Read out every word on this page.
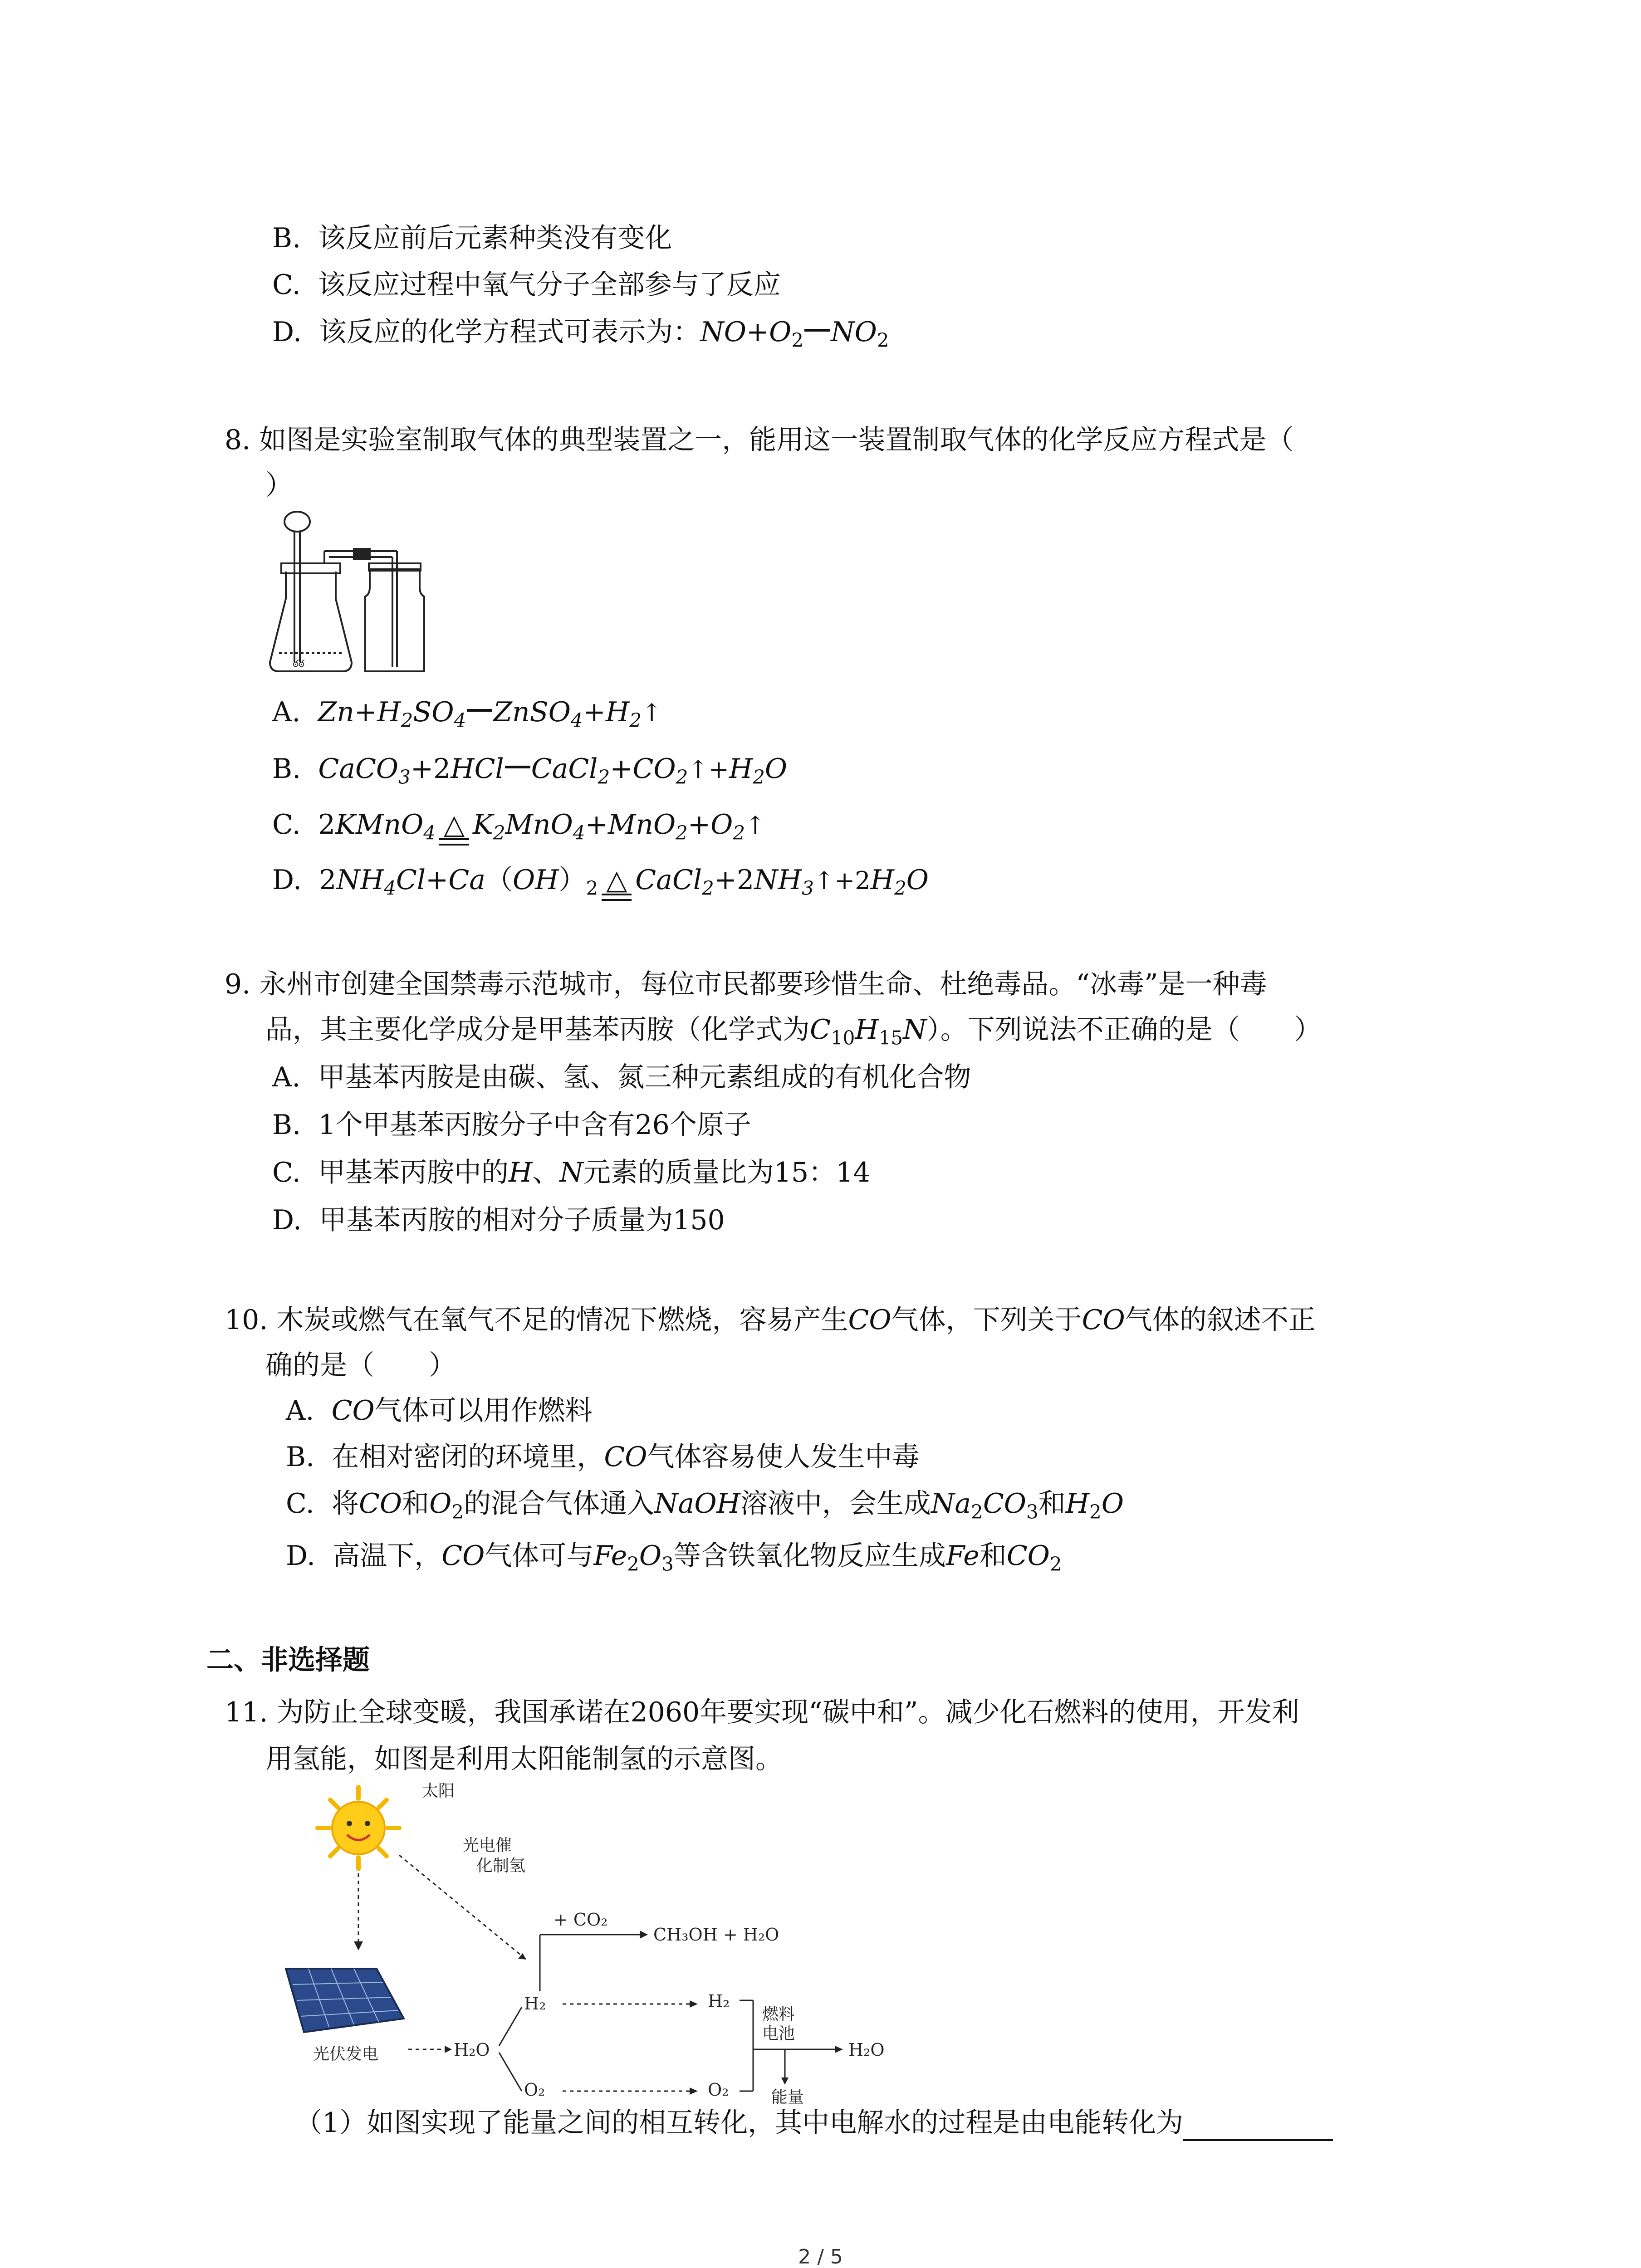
B. 该反应前后元素种类没有变化
C. 该反应过程中氧气分子全部参与了反应
D. 该反应的化学方程式可表示为：$NO+O_2$ $NO_2$
8. 如图是实验室制取气体的典型装置之一，能用这一装置制取气体的化学反应方程式是（
）
ఠఠ
A. $Zn+H_2SO_4$ $ZnSO_4+H_2↑$
B. CaCO$_3$+2HCl $CaCl_2+CO_2↑+H_2O$
C. 2KMnO$_4$ △ $K_2MnO_4+MnO_2+O_2↑$
D. $2NH_4Cl+Ca(OH)_2$ △ $CaCl_2+2NH_3↑+2H_2O$
9. 永州市创建全国禁毒示范城市，每位市民都要珍惜生命、杜绝毒品。“冰毒”是一种毒
品，其主要化学成分是甲基苯丙胺（化学式为$C_{10}H_{15}N$）。下列说法不正确的是（　　）
A. 甲基苯丙胺是由碳、氢、氮三种元素组成的有机化合物
B. 1个甲基苯丙胺分子中含有26个原子
C. 甲基苯丙胺中的H、N元素的质量比为15：14
D. 甲基苯丙胺的相对分子质量为150
10. 木炭或燃气在氧气不足的情况下燃烧，容易产生CO气体，下列关于CO气体的叙述不正
确的是（　　）
A. CO气体可以用作燃料
B. 在相对密闭的环境里，CO气体容易使人发生中毒
C. 将CO和$O_2$的混合气体通入NaOH溶液中，会生成$Na_2CO_3$和$H_2O$
D. 高温下，CO气体可与$Fe_2O_3$等含铁氧化物反应生成Fe和$CO_2$
二、非选择题
11. 为防止全球变暖，我国承诺在2060年要实现“碳中和”。减少化石燃料的使用，开发利
用氢能，如图是利用太阳能制氢的示意图。
太阳
光电催
化制氢
光伏发电	H₂O
H₂
O₂
+ CO₂
CH₃OH + H₂O
H₂
O₂
燃料
电池
H₂O
能量
（1）如图实现了能量之间的相互转化，其中电解水的过程是由电能转化为
2 / 5
